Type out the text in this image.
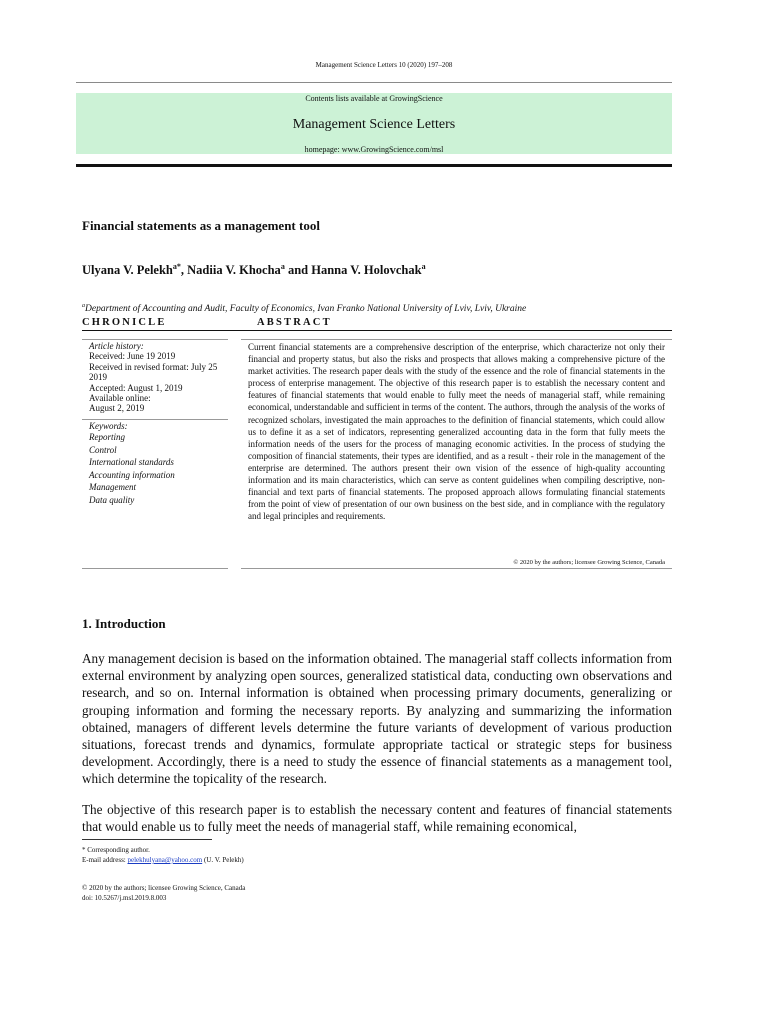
Management Science Letters 10 (2020) 197–208
Contents lists available at GrowingScience
Management Science Letters
homepage: www.GrowingScience.com/msl
Financial statements as a management tool
Ulyana V. Pelekh$^{a*}$, Nadiia V. Khocha$^a$ and Hanna V. Holovchak$^a$
$^a$Department of Accounting and Audit, Faculty of Economics, Ivan Franko National University of Lviv, Lviv, Ukraine
CHRONICLE	ABSTRACT
Article history:
Received: June 19 2019
Received in revised format: July 25 2019
Accepted: August 1, 2019
Available online:
August 2, 2019
Keywords:
Reporting
Control
International standards
Accounting information
Management
Data quality
Current financial statements are a comprehensive description of the enterprise, which characterize not only their financial and property status, but also the risks and prospects that allows making a comprehensive picture of the market activities. The research paper deals with the study of the essence and the role of financial statements in the process of enterprise management. The objective of this research paper is to establish the necessary content and features of financial statements that would enable to fully meet the needs of managerial staff, while remaining economical, understandable and sufficient in terms of the content. The authors, through the analysis of the works of recognized scholars, investigated the main approaches to the definition of financial statements, which could allow us to define it as a set of indicators, representing generalized accounting data in the form that fully meets the information needs of the users for the process of managing economic activities. In the process of studying the composition of financial statements, their types are identified, and as a result - their role in the management of the enterprise are determined. The authors present their own vision of the essence of high-quality accounting information and its main characteristics, which can serve as content guidelines when compiling descriptive, non-financial and text parts of financial statements. The proposed approach allows formulating financial statements from the point of view of presentation of our own business on the best side, and in compliance with the regulatory and legal principles and requirements.
© 2020 by the authors; licensee Growing Science, Canada
1. Introduction
Any management decision is based on the information obtained. The managerial staff collects information from external environment by analyzing open sources, generalized statistical data, conducting own observations and research, and so on. Internal information is obtained when processing primary documents, generalizing or grouping information and forming the necessary reports. By analyzing and summarizing the information obtained, managers of different levels determine the future variants of development of various production situations, forecast trends and dynamics, formulate appropriate tactical or strategic steps for business development. Accordingly, there is a need to study the essence of financial statements as a management tool, which determine the topicality of the research.
The objective of this research paper is to establish the necessary content and features of financial statements that would enable us to fully meet the needs of managerial staff, while remaining economical,
* Corresponding author.
E-mail address: pelekhulyana@yahoo.com (U. V. Pelekh)
© 2020 by the authors; licensee Growing Science, Canada
doi: 10.5267/j.msl.2019.8.003
